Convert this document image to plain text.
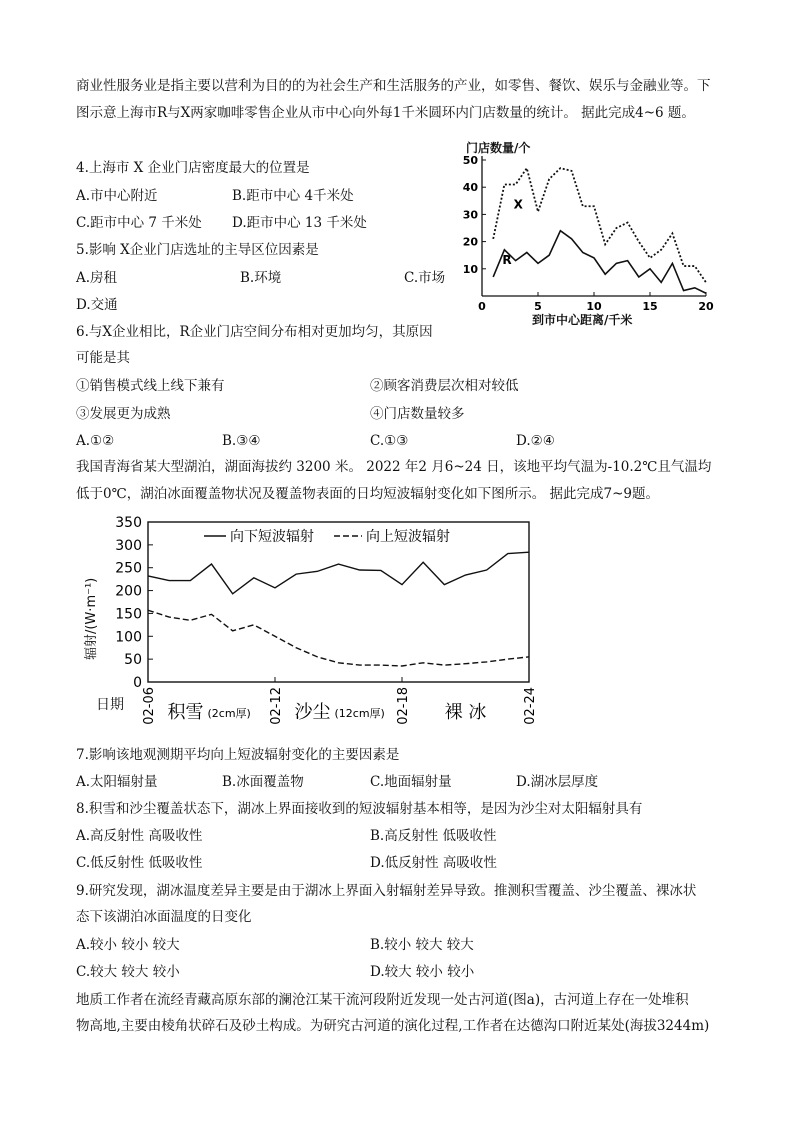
商业性服务业是指主要以营利为目的的为社会生产和生活服务的产业，如零售、餐饮、娱乐与金融业等。下
图示意上海市R与X两家咖啡零售企业从市中心向外每1千米圆环内门店数量的统计。 据此完成4~6 题。
4.上海市 X 企业门店密度最大的位置是
A.市中心附近	B.距市中心 4千米处
C.距市中心 7 千米处 D.距市中心 13 千米处
5.影响 X企业门店选址的主导区位因素是
A.房租	B.环境	C.市场
D.交通
6.与X企业相比，R企业门店空间分布相对更加均匀，其原因
可能是其
①销售模式线上线下兼有	②顾客消费层次相对较低
③发展更为成熟	④门店数量较多
A.①②	B.③④	C.①③	D.②④
我国青海省某大型湖泊，湖面海拔约 3200 米。 2022 年2 月6~24 日，该地平均气温为-10.2℃且气温均
低于0℃，湖泊冰面覆盖物状况及覆盖物表面的日均短波辐射变化如下图所示。 据此完成7~9题。
门店数量/个
到市中心距离/千米
0	5	10	15	20
10
20
30
40
50
X
R
辐射/(W·m⁻¹)
日期
0
50
100
150
200
250
300
350
02-06	02-12	02-18	02-24
积雪 (2cm厚) 沙尘 (12cm厚)	裸 冰
向下短波辐射	向上短波辐射
7.影响该地观测期平均向上短波辐射变化的主要因素是
A.太阳辐射量	B.冰面覆盖物	C.地面辐射量	D.湖冰层厚度
8.积雪和沙尘覆盖状态下，湖冰上界面接收到的短波辐射基本相等，是因为沙尘对太阳辐射具有
A.高反射性 高吸收性	B.高反射性 低吸收性
C.低反射性 低吸收性	D.低反射性 高吸收性
9.研究发现，湖冰温度差异主要是由于湖冰上界面入射辐射差异导致。推测积雪覆盖、沙尘覆盖、裸冰状
态下该湖泊冰面温度的日变化
A.较小 较小 较大	B.较小 较大 较大
C.较大 较大 较小	D.较大 较小 较小
地质工作者在流经青藏高原东部的澜沧江某干流河段附近发现一处古河道(图a)，古河道上存在一处堆积
物高地,主要由棱角状碎石及砂土构成。为研究古河道的演化过程,工作者在达德沟口附近某处(海拔3244m)
